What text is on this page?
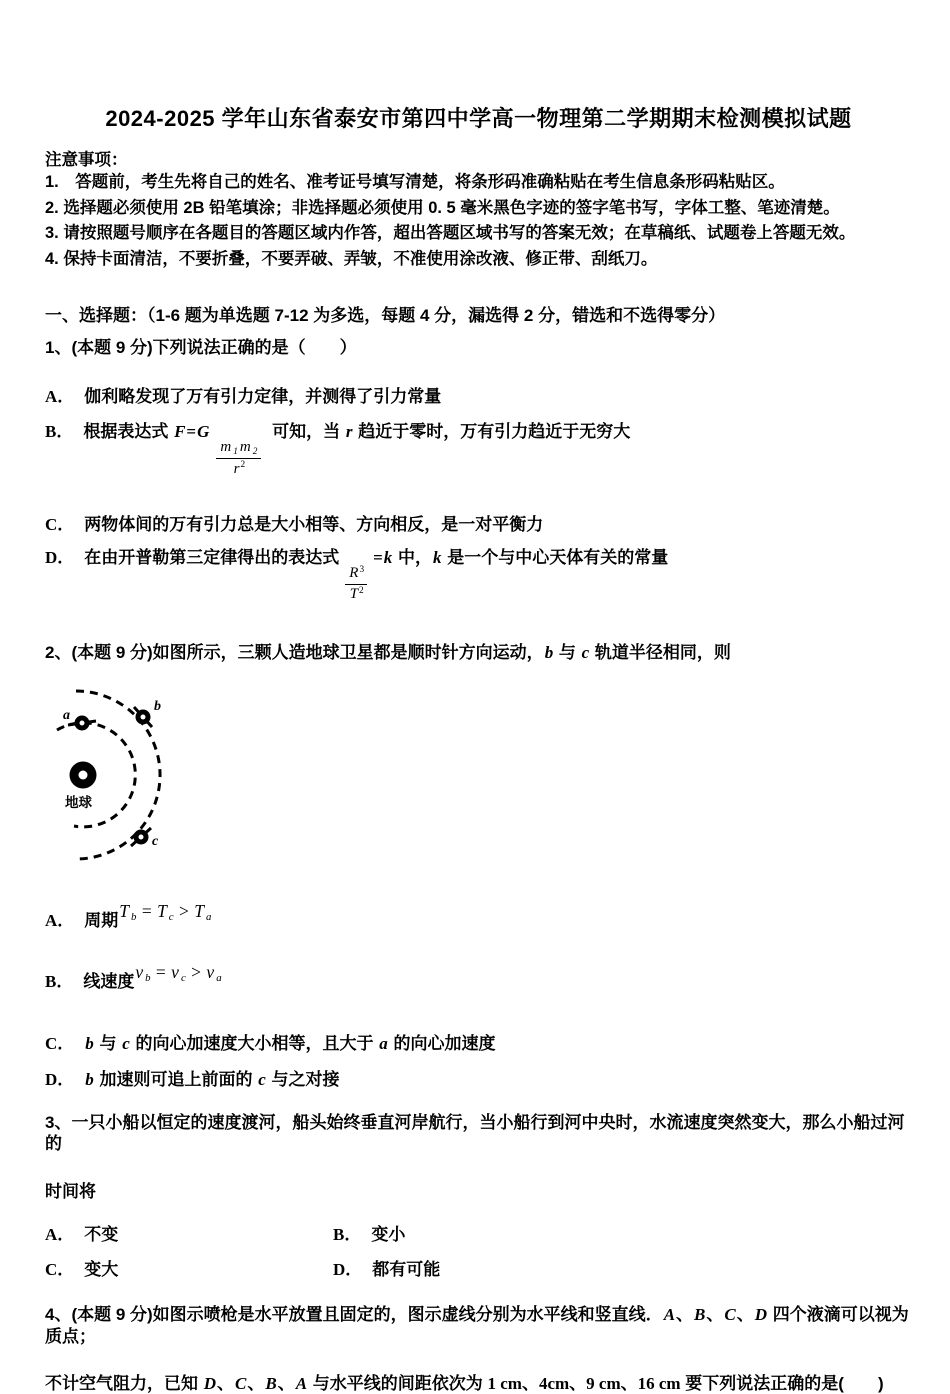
2024-2025 学年山东省泰安市第四中学高一物理第二学期期末检测模拟试题
注意事项：
1.　答题前，考生先将自己的姓名、准考证号填写清楚，将条形码准确粘贴在考生信息条形码粘贴区。
2. 选择题必须使用 2B 铅笔填涂；非选择题必须使用 0. 5 毫米黑色字迹的签字笔书写，字体工整、笔迹清楚。
3. 请按照题号顺序在各题目的答题区域内作答，超出答题区域书写的答案无效；在草稿纸、试题卷上答题无效。
4. 保持卡面清洁，不要折叠，不要弄破、弄皱，不准使用涂改液、修正带、刮纸刀。
一、选择题：（1-6 题为单选题 7-12 为多选，每题 4 分，漏选得 2 分，错选和不选得零分）
1、(本题 9 分)下列说法正确的是（　　）
A． 伽利略发现了万有引力定律，并测得了引力常量
B． 根据表达式 F=G
$\frac{m 1 m 2}{r^2}$
可知，当 r 趋近于零时，万有引力趋近于无穷大
C． 两物体间的万有引力总是大小相等、方向相反，是一对平衡力
D． 在由开普勒第三定律得出的表达式
$\frac{R^3}{T^2}$
=k 中，k 是一个与中心天体有关的常量
2、(本题 9 分)如图所示，三颗人造地球卫星都是顺时针方向运动，b 与 c 轨道半径相同，则
a
b
c
地球
A． 周期T b = T c > T a
B． 线速度v b = v c > v a
C． b 与 c 的向心加速度大小相等，且大于 a 的向心加速度
D． b 加速则可追上前面的 c 与之对接
3、一只小船以恒定的速度渡河，船头始终垂直河岸航行，当小船行到河中央时，水流速度突然变大，那么小船过河的
时间将
A． 不变	B． 变小
C． 变大	D． 都有可能
4、(本题 9 分)如图示喷枪是水平放置且固定的，图示虚线分别为水平线和竖直线．A、B、C、D 四个液滴可以视为质点；
不计空气阻力，已知 D、C、B、A 与水平线的间距依次为 1 cm、4cm、9 cm、16 cm 要下列说法正确的是(　　)
